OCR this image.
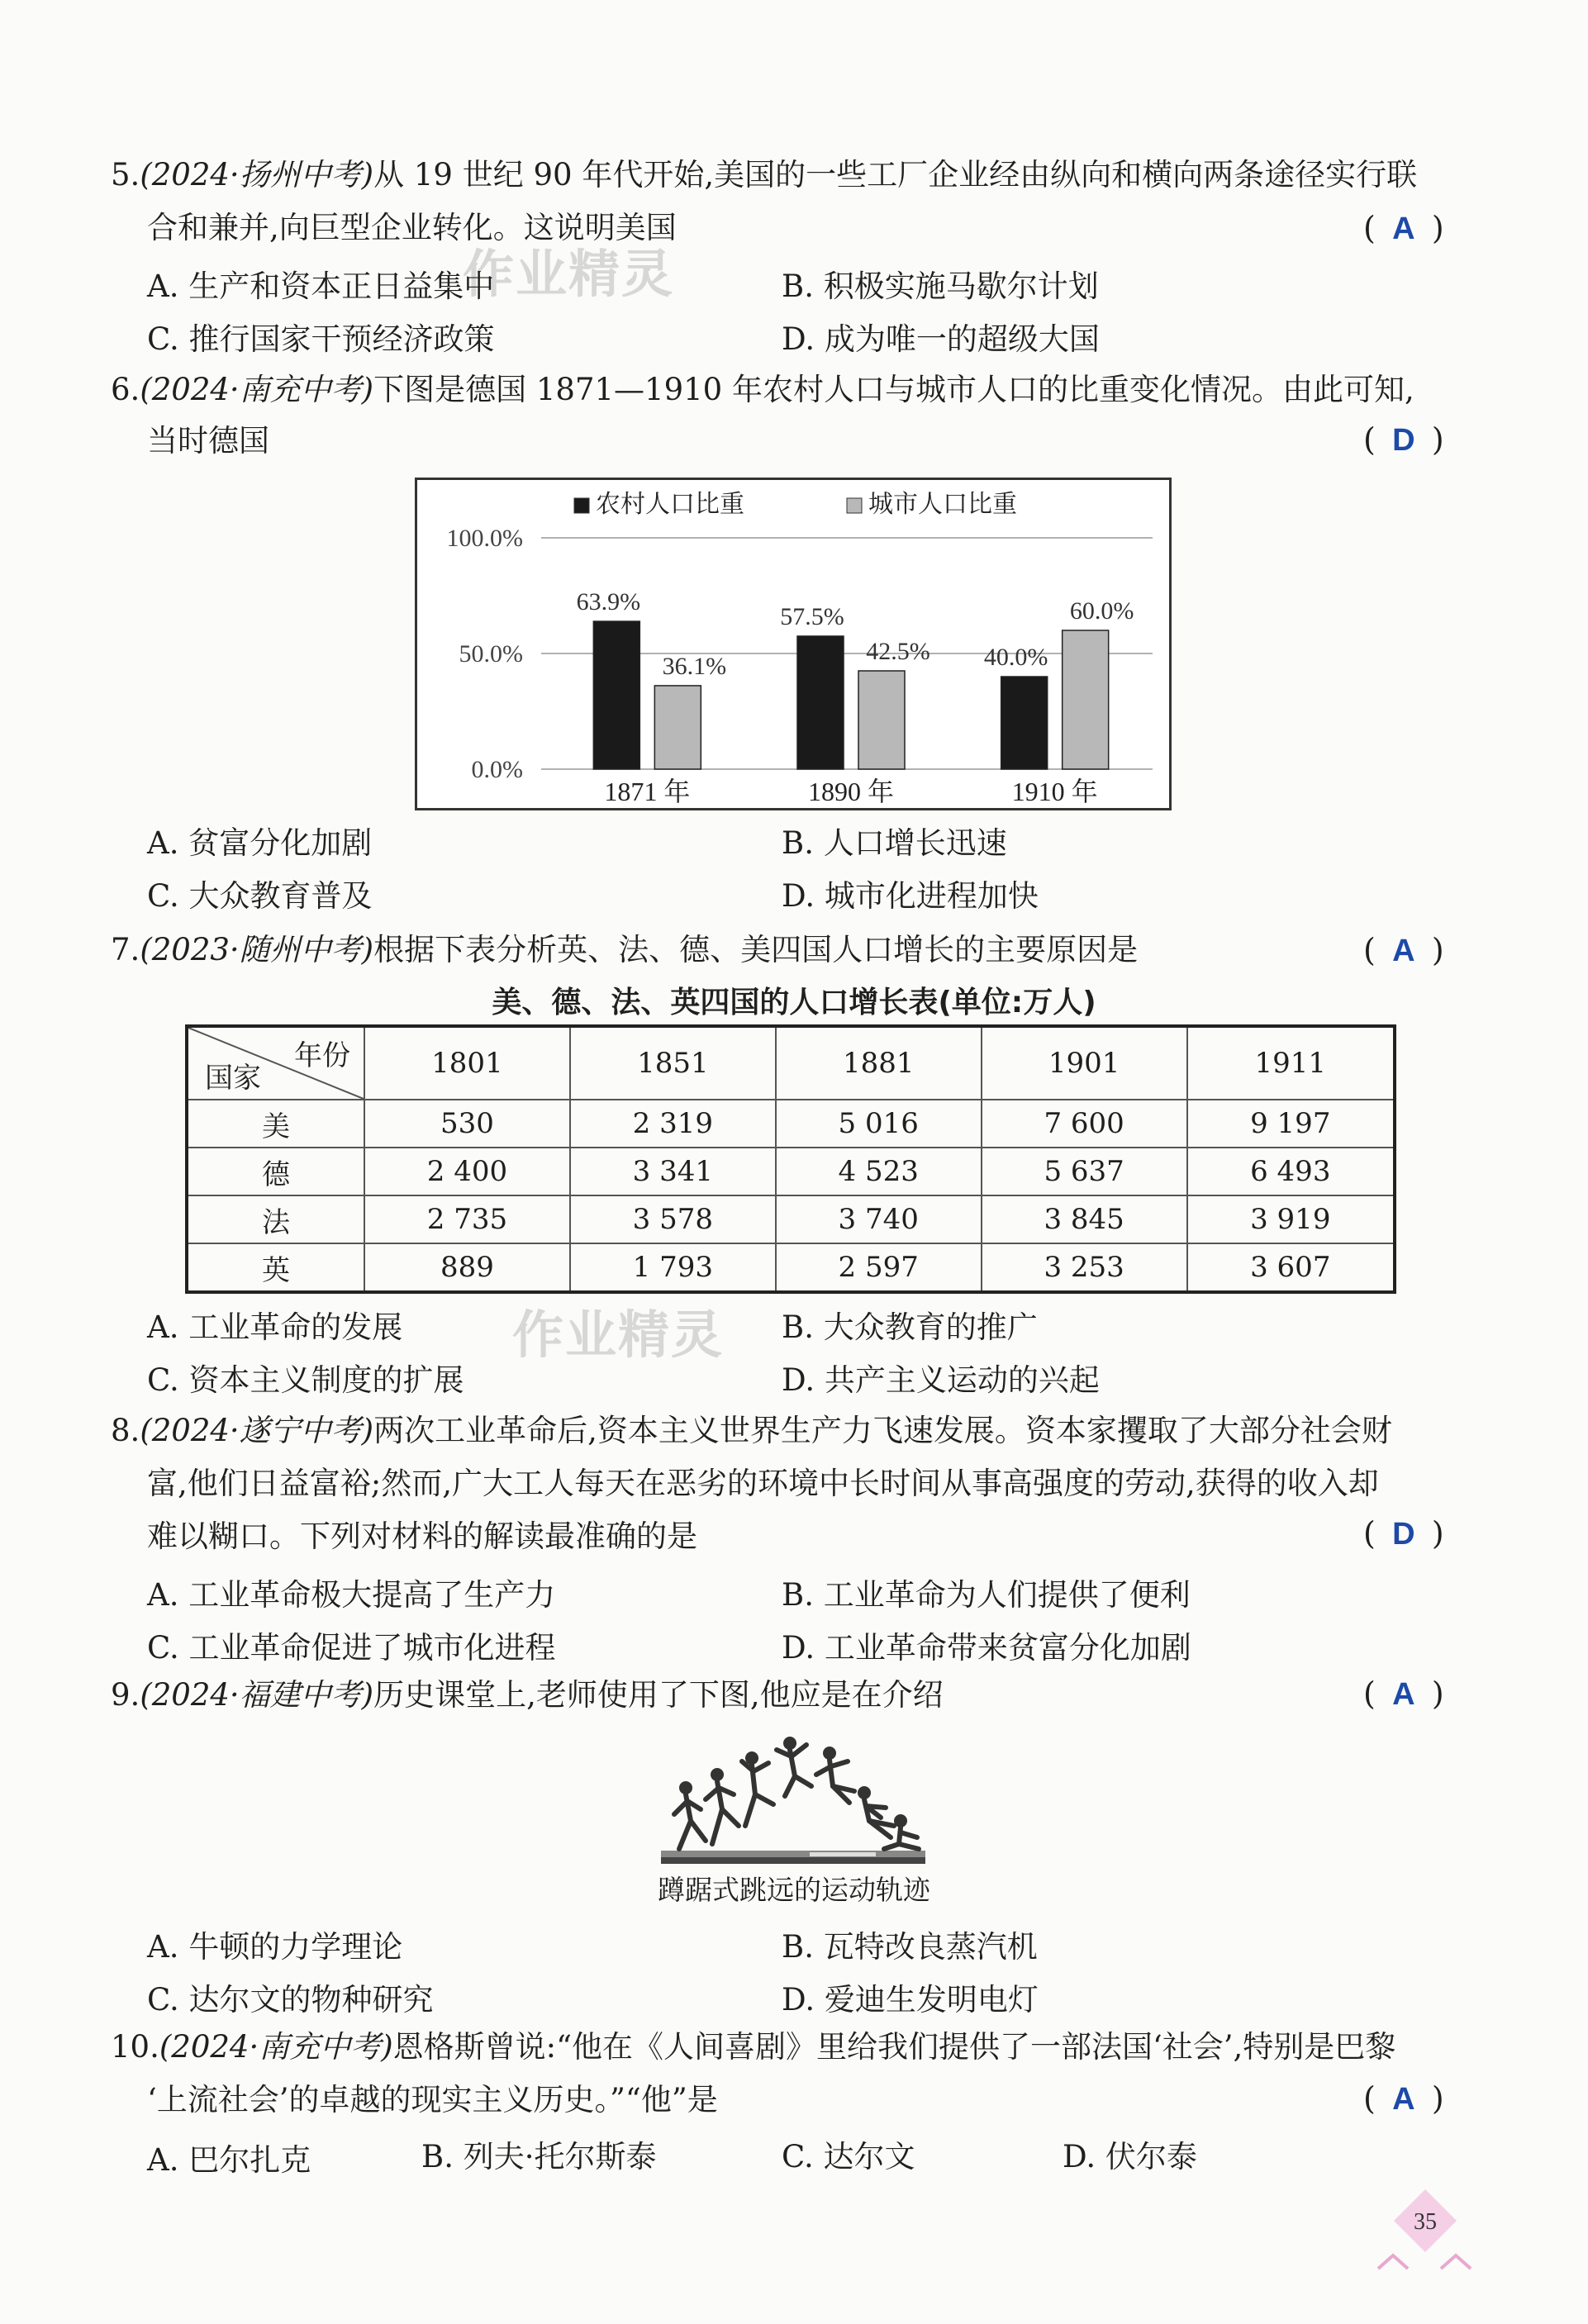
5.(2024·扬州中考)从 19 世纪 90 年代开始,美国的一些工厂企业经由纵向和横向两条途径实行联
合和兼并,向巨型企业转化。这说明美国	( A )
作业精灵
A. 生产和资本正日益集中	B. 积极实施马歇尔计划
C. 推行国家干预经济政策	D. 成为唯一的超级大国
6.(2024·南充中考)下图是德国 1871—1910 年农村人口与城市人口的比重变化情况。由此可知,
当时德国	( D )
农村人口比重	城市人口比重
100.0%
50.0%
0.0%
63.9%
36.1%
1871 年
57.5%
42.5%
1890 年
40.0%
60.0%
1910 年
A. 贫富分化加剧	B. 人口增长迅速
C. 大众教育普及	D. 城市化进程加快
7.(2023·随州中考)根据下表分析英、法、德、美四国人口增长的主要原因是	( A )
美、德、法、英四国的人口增长表(单位:万人)
年份
国家	1801	1851	1881	1901	1911
美	530	2 319	5 016	7 600	9 197
德	2 400	3 341	4 523	5 637	6 493
法	2 735	3 578	3 740	3 845	3 919
英	889	1 793	2 597	3 253	3 607
A. 工业革命的发展	B. 大众教育的推广
作业精灵
C. 资本主义制度的扩展	D. 共产主义运动的兴起
8.(2024·遂宁中考)两次工业革命后,资本主义世界生产力飞速发展。资本家攫取了大部分社会财
富,他们日益富裕;然而,广大工人每天在恶劣的环境中长时间从事高强度的劳动,获得的收入却
难以糊口。下列对材料的解读最准确的是	( D )
A. 工业革命极大提高了生产力	B. 工业革命为人们提供了便利
C. 工业革命促进了城市化进程	D. 工业革命带来贫富分化加剧
9.(2024·福建中考)历史课堂上,老师使用了下图,他应是在介绍	( A )
蹲踞式跳远的运动轨迹
A. 牛顿的力学理论	B. 瓦特改良蒸汽机
C. 达尔文的物种研究	D. 爱迪生发明电灯
10.(2024·南充中考)恩格斯曾说:“他在《人间喜剧》里给我们提供了一部法国‘社会’,特别是巴黎
‘上流社会’的卓越的现实主义历史。”“他”是	( A )
A. 巴尔扎克	B. 列夫·托尔斯泰	C. 达尔文	D. 伏尔泰
35
